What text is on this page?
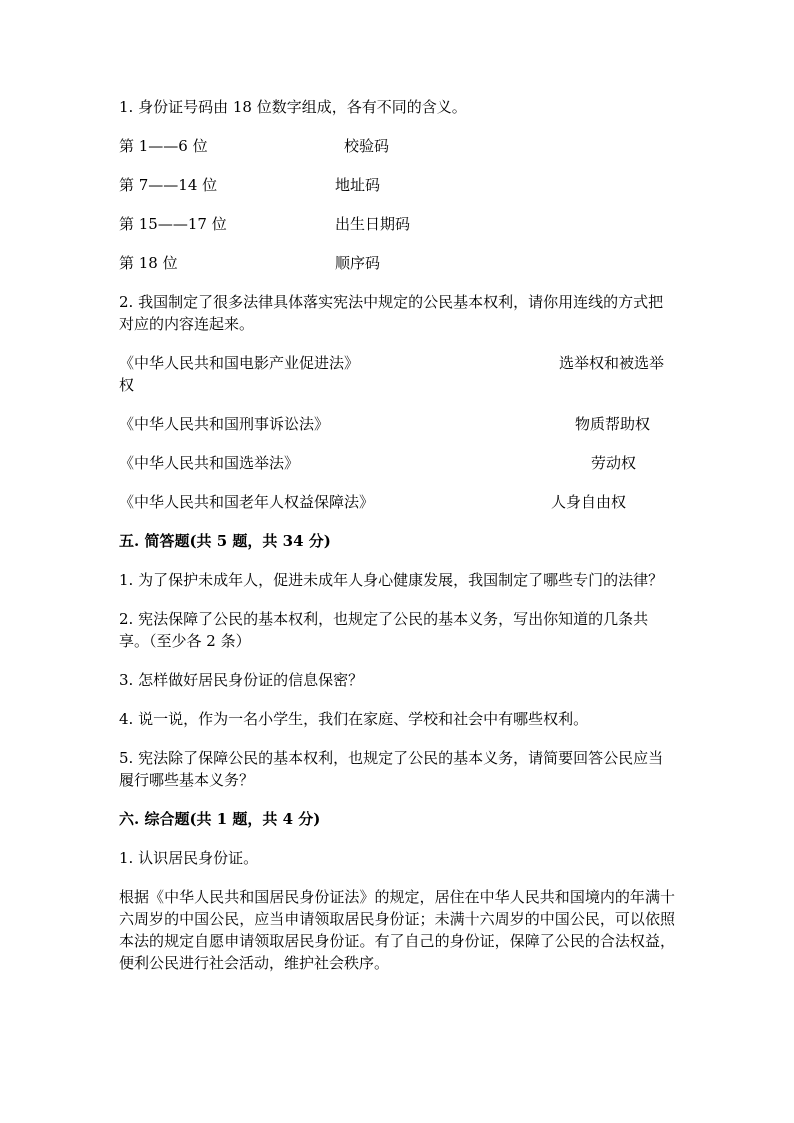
1. 身份证号码由 18 位数字组成，各有不同的含义。

第 1——6 位	校验码
第 7——14 位	地址码
第 15——17 位	出生日期码
第 18 位	顺序码

2. 我国制定了很多法律具体落实宪法中规定的公民基本权利，请你用连线的方式把对应的内容连起来。

《中华人民共和国电影产业促进法》	选举权和被选举
权
《中华人民共和国刑事诉讼法》	物质帮助权
《中华人民共和国选举法》	劳动权
《中华人民共和国老年人权益保障法》	人身自由权

五. 简答题(共 5 题，共 34 分)

1. 为了保护未成年人，促进未成年人身心健康发展，我国制定了哪些专门的法律？

2. 宪法保障了公民的基本权利，也规定了公民的基本义务，写出你知道的几条共享。（至少各 2 条）

3. 怎样做好居民身份证的信息保密？

4. 说一说，作为一名小学生，我们在家庭、学校和社会中有哪些权利。

5. 宪法除了保障公民的基本权利，也规定了公民的基本义务，请简要回答公民应当履行哪些基本义务？

六. 综合题(共 1 题，共 4 分)

1. 认识居民身份证。

根据《中华人民共和国居民身份证法》的规定，居住在中华人民共和国境内的年满十六周岁的中国公民，应当申请领取居民身份证；未满十六周岁的中国公民，可以依照本法的规定自愿申请领取居民身份证。有了自己的身份证，保障了公民的合法权益，便利公民进行社会活动，维护社会秩序。
